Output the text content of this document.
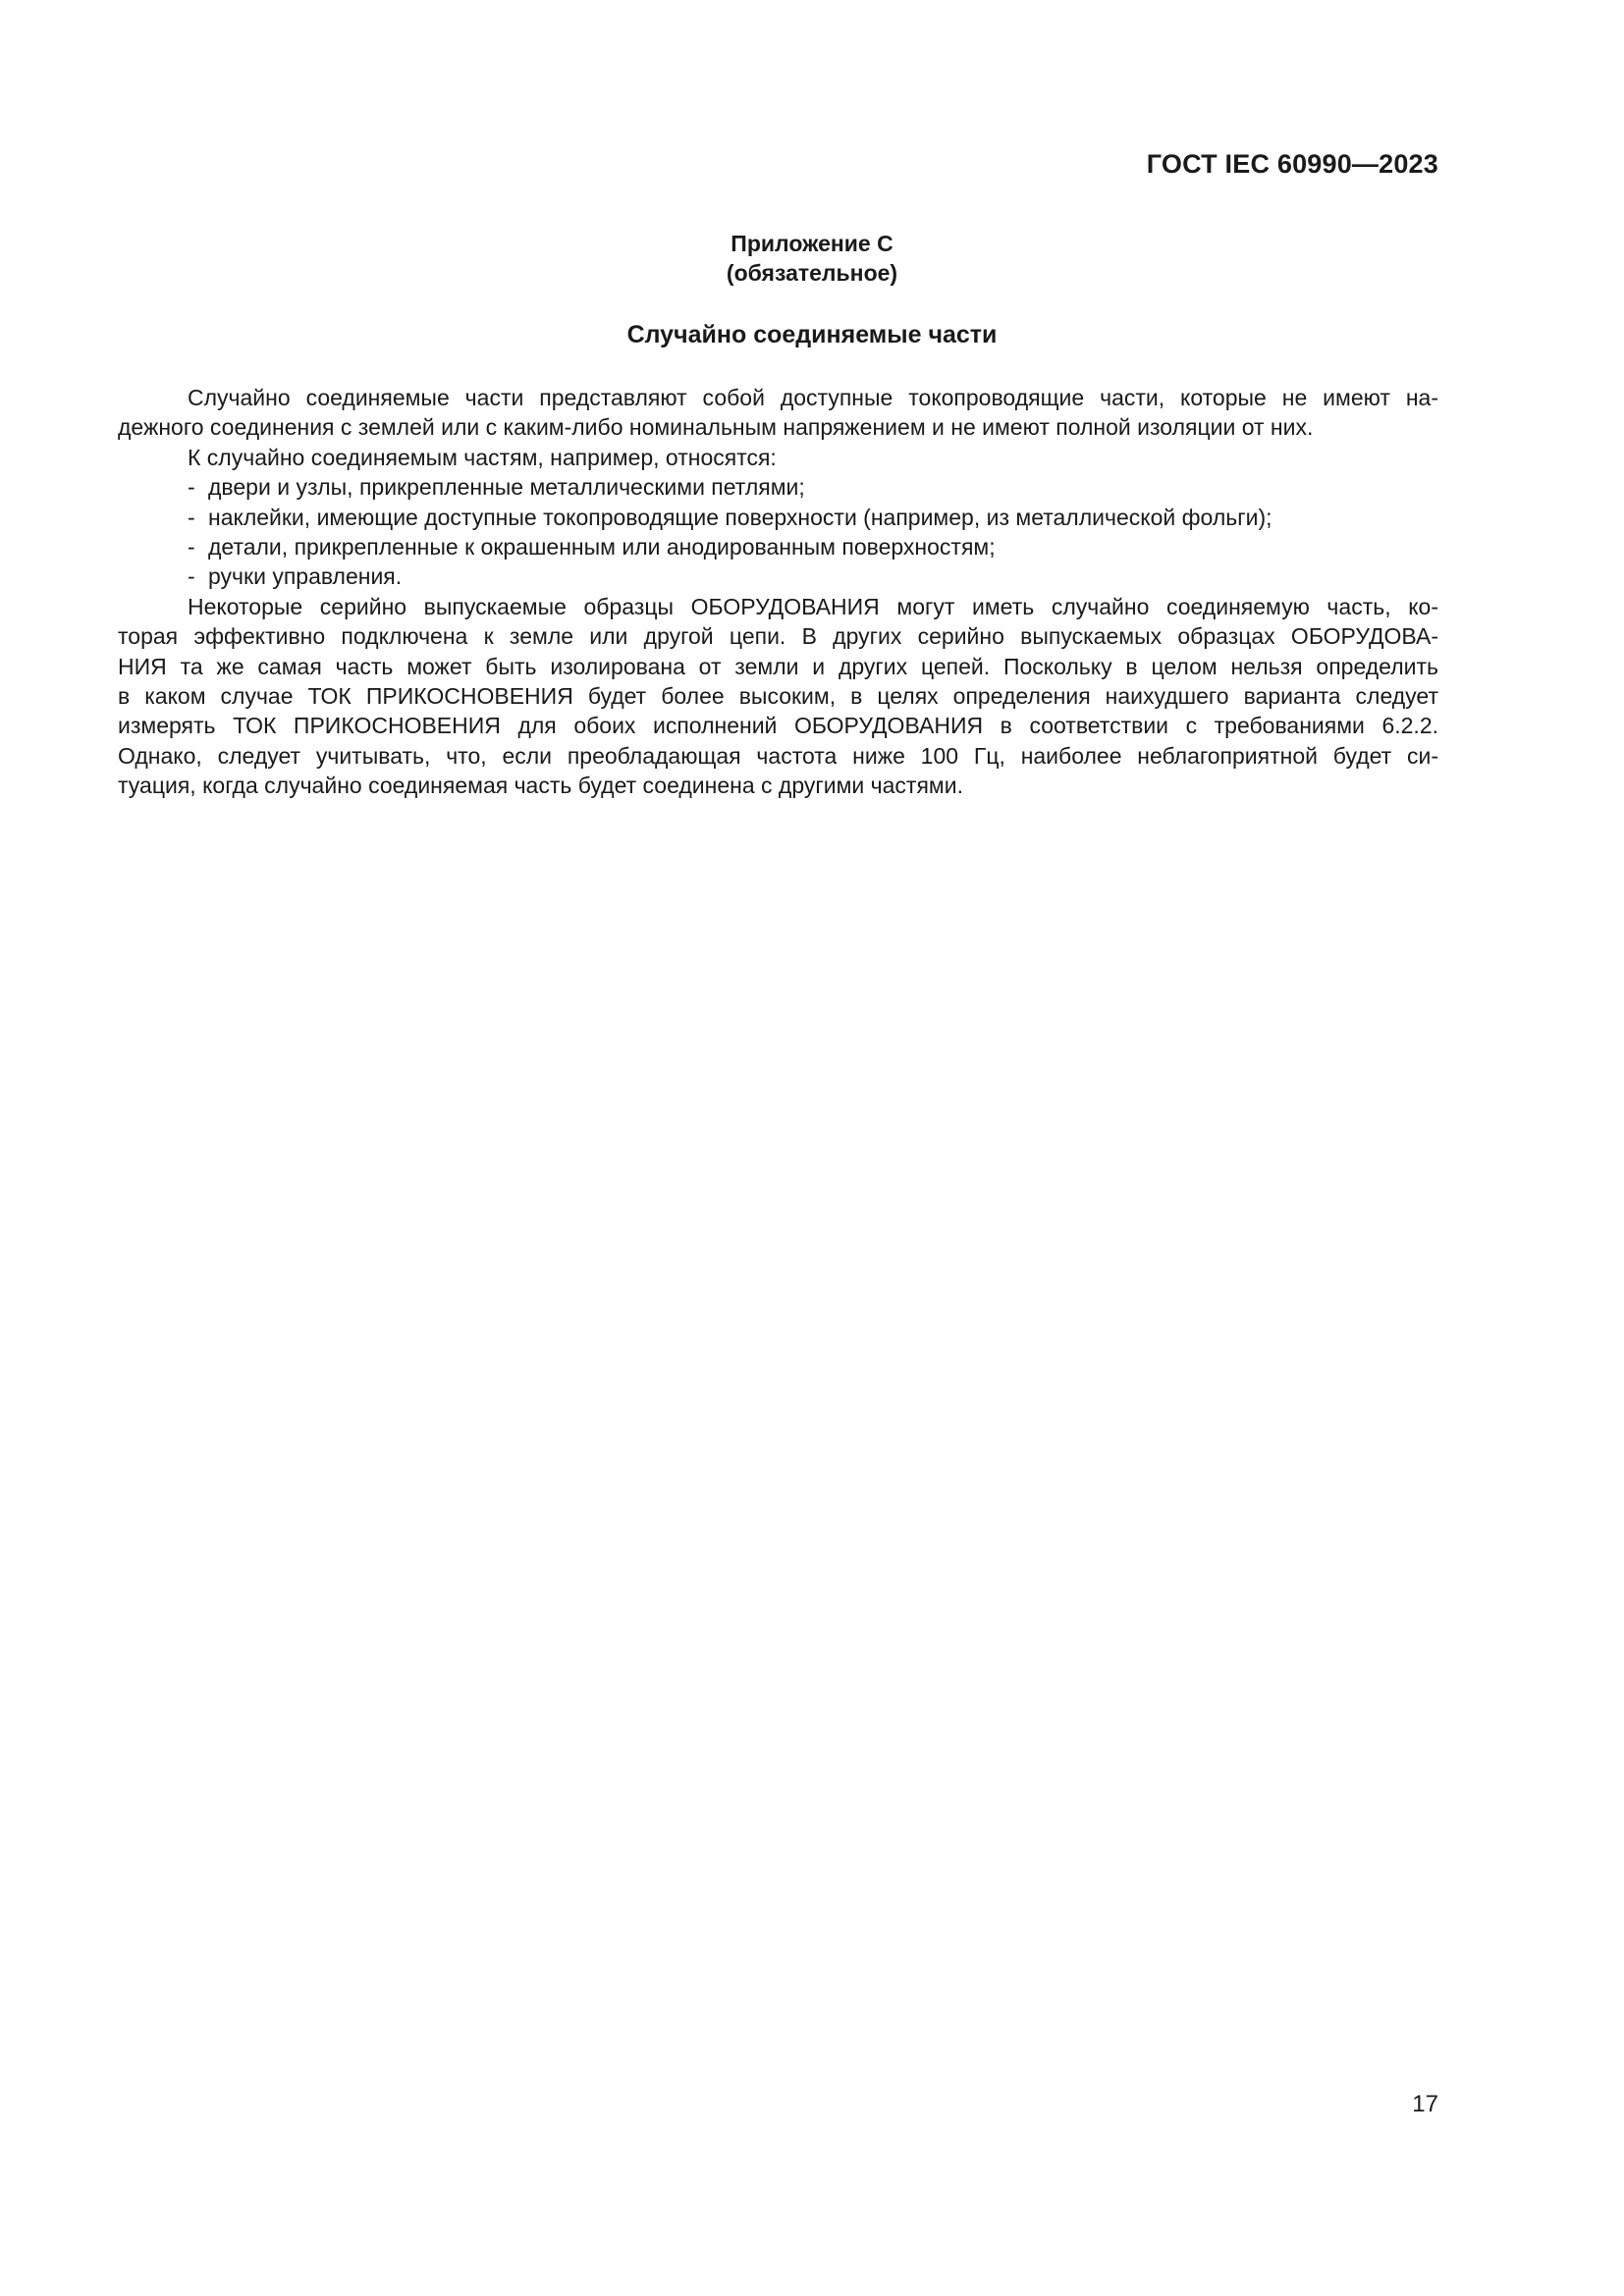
ГОСТ IEC 60990—2023
Приложение С
(обязательное)
Случайно соединяемые части

Случайно соединяемые части представляют собой доступные токопроводящие части, которые не имеют на-

дежного соединения с землей или с каким-либо номинальным напряжением и не имеют полной изоляции от них.

К случайно соединяемым частям, например, относятся:

- двери и узлы, прикрепленные металлическими петлями;
- наклейки, имеющие доступные токопроводящие поверхности (например, из металлической фольги);
- детали, прикрепленные к окрашенным или анодированным поверхностям;
- ручки управления.

Некоторые серийно выпускаемые образцы ОБОРУДОВАНИЯ могут иметь случайно соединяемую часть, ко-

торая эффективно подключена к земле или другой цепи. В других серийно выпускаемых образцах ОБОРУДОВА-

НИЯ та же самая часть может быть изолирована от земли и других цепей. Поскольку в целом нельзя определить

в каком случае ТОК ПРИКОСНОВЕНИЯ будет более высоким, в целях определения наихудшего варианта следует

измерять ТОК ПРИКОСНОВЕНИЯ для обоих исполнений ОБОРУДОВАНИЯ в соответствии с требованиями 6.2.2.

Однако, следует учитывать, что, если преобладающая частота ниже 100 Гц, наиболее неблагоприятной будет си-

туация, когда случайно соединяемая часть будет соединена с другими частями.

17
